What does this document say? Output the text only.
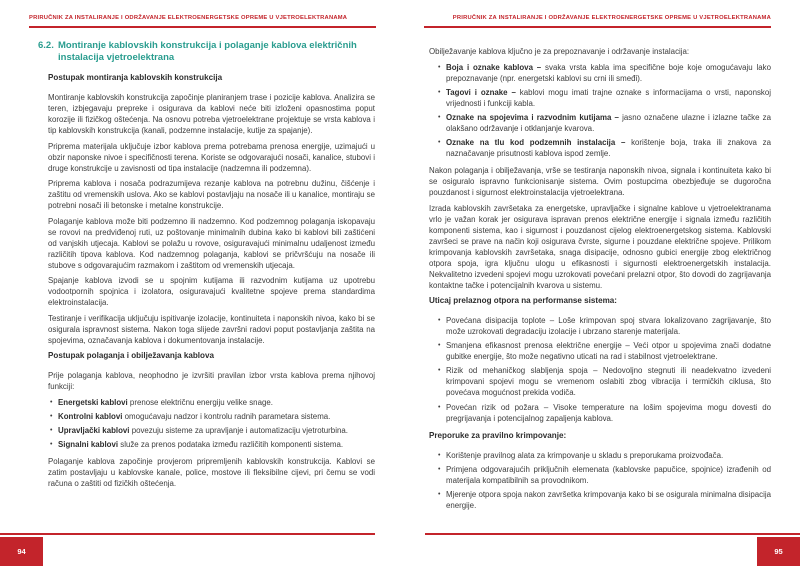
PRIRUČNIK ZA INSTALIRANJE I ODRŽAVANJE ELEKTROENERGETSKE OPREME U VJETROELEKTRANAMA
6.2. Montiranje kablovskih konstrukcija i polaganje kablova električnih instalacija vjetroelektrana
Postupak montiranja kablovskih konstrukcija

Montiranje kablovskih konstrukcija započinje planiranjem trase i pozicije kablova. Analizira se teren, izbjegavaju prepreke i osigurava da kablovi neće biti izloženi opasnostima poput korozije ili fizičkog oštećenja. Na osnovu potreba vjetroelektrane projektuje se vrsta kablova i tip kablovskih konstrukcija (kanali, podzemne instalacije, kutije za spajanje).

Priprema materijala uključuje izbor kablova prema potrebama prenosa energije, uzimajući u obzir naponske nivoe i specifičnosti terena. Koriste se odgovarajući nosači, kanalice, stubovi i druge konstrukcije u zavisnosti od tipa instalacije (nadzemna ili podzemna).

Priprema kablova i nosača podrazumijeva rezanje kablova na potrebnu dužinu, čišćenje i zaštitu od vremenskih uslova. Ako se kablovi postavljaju na nosače ili u kanalice, montiraju se potrebni nosači ili betonske i metalne konstrukcije.

Polaganje kablova može biti podzemno ili nadzemno. Kod podzemnog polaganja iskopavaju se rovovi na predviđenoj ruti, uz poštovanje minimalnih dubina kako bi kablovi bili zaštićeni od vanjskih utjecaja. Kablovi se polažu u rovove, osiguravajući minimalnu udaljenost između različitih tipova kablova. Kod nadzemnog polaganja, kablovi se pričvršćuju na nosače ili stubove s odgovarajućim razmakom i zaštitom od vremenskih utjecaja.

Spajanje kablova izvodi se u spojnim kutijama ili razvodnim kutijama uz upotrebu vodootpornih spojnica i izolatora, osiguravajući kvalitetne spojeve prema standardima elektroinstalacija.

Testiranje i verifikacija uključuju ispitivanje izolacije, kontinuiteta i naponskih nivoa, kako bi se osigurala ispravnost sistema. Nakon toga slijede završni radovi poput postavljanja zaštita na spojevima, označavanja kablova i dokumentovanja instalacije.

Postupak polaganja i obilježavanja kablova

Prije polaganja kablova, neophodno je izvršiti pravilan izbor vrsta kablova prema njihovoj funkciji:

• Energetski kablovi prenose električnu energiju velike snage.
• Kontrolni kablovi omogućavaju nadzor i kontrolu radnih parametara sistema.
• Upravljački kablovi povezuju sisteme za upravljanje i automatizaciju vjetroturbina.
• Signalni kablovi služe za prenos podataka između različitih komponenti sistema.

Polaganje kablova započinje provjerom pripremljenih kablovskih konstrukcija. Kablovi se zatim postavljaju u kablovske kanale, police, mostove ili fleksibilne cijevi, pri čemu se vodi računa o zaštiti od fizičkih oštećenja.

94
PRIRUČNIK ZA INSTALIRANJE I ODRŽAVANJE ELEKTROENERGETSKE OPREME U VJETROELEKTRANAMA

Obilježavanje kablova ključno je za prepoznavanje i održavanje instalacija:

• Boja i oznake kablova – svaka vrsta kabla ima specifične boje koje omogućavaju lako prepoznavanje (npr. energetski kablovi su crni ili smeđi).
• Tagovi i oznake – kablovi mogu imati trajne oznake s informacijama o vrsti, naponskoj vrijednosti i funkciji kabla.
• Oznake na spojevima i razvodnim kutijama – jasno označene ulazne i izlazne tačke za olakšano održavanje i otklanjanje kvarova.
• Oznake na tlu kod podzemnih instalacija – korištenje boja, traka ili znakova za naznačavanje prisutnosti kablova ispod zemlje.

Nakon polaganja i obilježavanja, vrše se testiranja naponskih nivoa, signala i kontinuiteta kako bi se osiguralo ispravno funkcionisanje sistema. Ovim postupcima obezbjeđuje se dugoročna pouzdanost i sigurnost elektroinstalacija vjetroelektrana.

Izrada kablovskih završetaka za energetske, upravljačke i signalne kablove u vjetroelektranama vrlo je važan korak jer osigurava ispravan prenos električne energije i signala između različitih komponenti sistema, kao i sigurnost i pouzdanost cijelog elektroenergetskog sistema. Kablovski završeci se prave na način koji osigurava čvrste, sigurne i pouzdane električne spojeve. Prilikom krimpovanja kablovskih završetaka, snaga disipacije, odnosno gubici energije zbog električnog otpora spoja, igra ključnu ulogu u efikasnosti i sigurnosti elektroenergetskih instalacija. Nekvalitetno izvedeni spojevi mogu uzrokovati povećani prelazni otpor, što dovodi do zagrijavanja kontaktne tačke i potencijalnih kvarova u sistemu.

Uticaj prelaznog otpora na performanse sistema:
• Povećana disipacija toplote – Loše krimpovan spoj stvara lokalizovano zagrijavanje, što može uzrokovati degradaciju izolacije i ubrzano starenje materijala.
• Smanjena efikasnost prenosa električne energije – Veći otpor u spojevima znači dodatne gubitke energije, što može negativno uticati na rad i stabilnost vjetroelektrane.
• Rizik od mehaničkog slabljenja spoja – Nedovoljno stegnuti ili neadekvatno izvedeni krimpovani spojevi mogu se vremenom oslabiti zbog vibracija i termičkih ciklusa, što povećava mogućnost prekida vodiča.
• Povećan rizik od požara – Visoke temperature na lošim spojevima mogu dovesti do pregrijavanja i potencijalnog zapaljenja kablova.
Preporuke za pravilno krimpovanje:
• Korištenje pravilnog alata za krimpovanje u skladu s preporukama proizvođača.
• Primjena odgovarajućih priključnih elemenata (kablovske papučice, spojnice) izrađenih od materijala kompatibilnih sa provodnikom.
• Mjerenje otpora spoja nakon završetka krimpovanja kako bi se osigurala minimalna disipacija energije.
95
